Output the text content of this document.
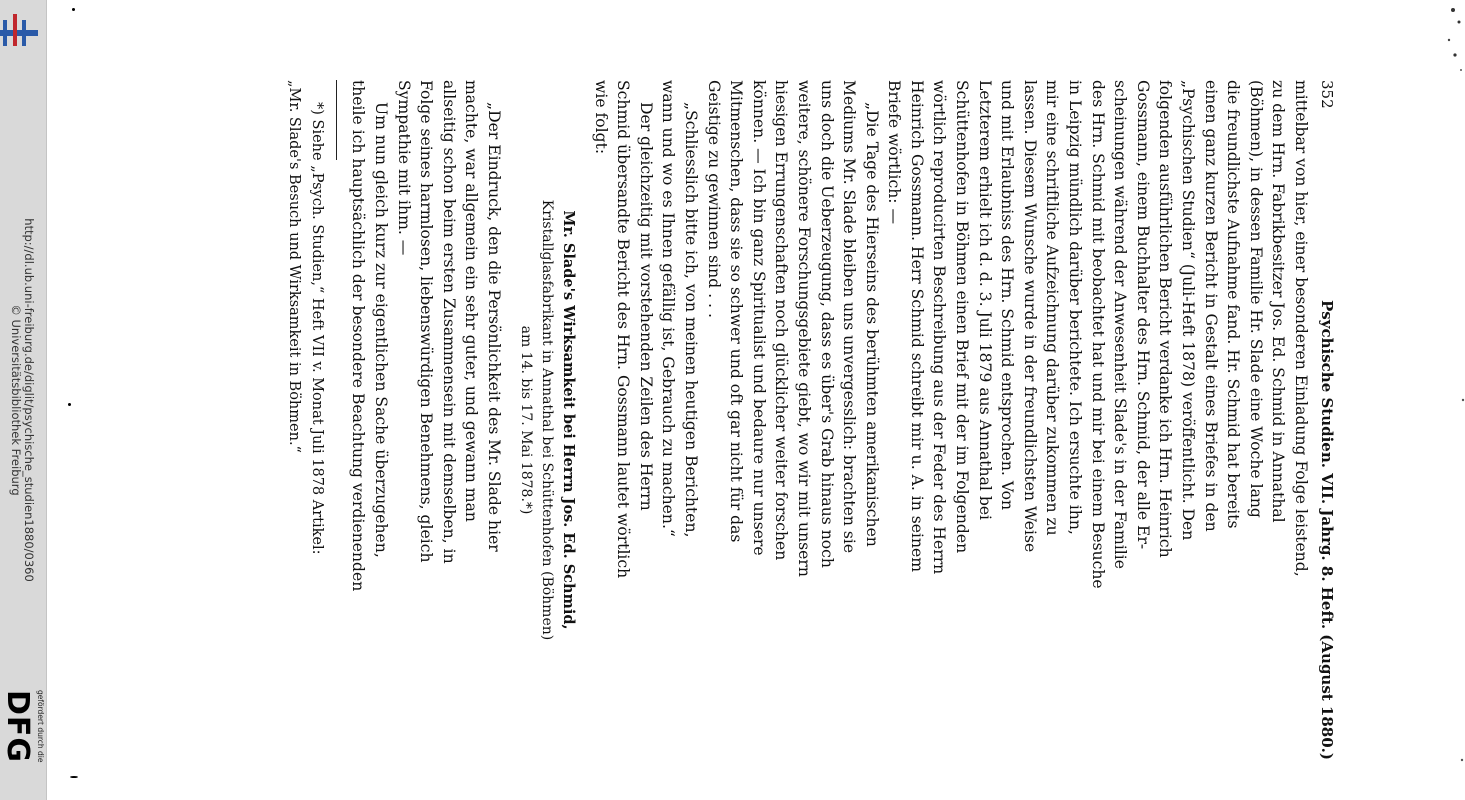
http://dl.ub.uni-freiburg.de/diglit/psychische_studien1880/0360
© Universitätsbibliothek Freiburg
gefördert durch die
DFG
352
Psychische Studien. VII. Jahrg. 8. Heft. (August 1880.)
mittelbar von hier, einer besonderen Einladung Folge leistend,
zu dem Hrn. Fabrikbesitzer Jos. Ed. Schmid in Annathal
(Böhmen), in dessen Familie Hr. Slade eine Woche lang
die freundlichste Aufnahme fand. Hr. Schmid hat bereits
einen ganz kurzen Bericht in Gestalt eines Briefes in den
„Psychischen Studien“ (Juli-Heft 1878) veröffentlicht. Den
folgenden ausführlichen Bericht verdanke ich Hrn. Heinrich
Gossmann, einem Buchhalter des Hrn. Schmid, der alle Er-
scheinungen während der Anwesenheit Slade's in der Familie
des Hrn. Schmid mit beobachtet hat und mir bei einem Besuche
in Leipzig mündlich darüber berichtete. Ich ersuchte ihn,
mir eine schriftliche Aufzeichnung darüber zukommen zu
lassen. Diesem Wunsche wurde in der freundlichsten Weise
und mit Erlaubniss des Hrn. Schmid entsprochen. Von
Letzterem erhielt ich d. d. 3. Juli 1879 aus Annathal bei
Schüttenhofen in Böhmen einen Brief mit der im Folgenden
wörtlich reproducirten Beschreibung aus der Feder des Herrn
Heinrich Gossmann. Herr Schmid schreibt mir u. A. in seinem
Briefe wörtlich: —
„Die Tage des Hierseins des berühmten amerikanischen
Mediums Mr. Slade bleiben uns unvergesslich: brachten sie
uns doch die Ueberzeugung, dass es über's Grab hinaus noch
weitere, schönere Forschungsgebiete giebt, wo wir mit unsern
hiesigen Errungenschaften noch glücklicher weiter forschen
können. — Ich bin ganz Spiritualist und bedaure nur unsere
Mitmenschen, dass sie so schwer und oft gar nicht für das
Geistige zu gewinnen sind . . .
„Schliesslich bitte ich, von meinen heutigen Berichten,
wann und wo es Ihnen gefällig ist, Gebrauch zu machen.“
Der gleichzeitig mit vorstehenden Zeilen des Herrn
Schmid übersandte Bericht des Hrn. Gossmann lautet wörtlich
wie folgt:
Mr. Slade's Wirksamkeit bei Herrn Jos. Ed. Schmid,
Kristallglasfabrikant in Annathal bei Schüttenhofen (Böhmen)
am 14. bis 17. Mai 1878.*)
„Der Eindruck, den die Persönlichkeit des Mr. Slade hier
machte, war allgemein ein sehr guter, und gewann man
allseitig schon beim ersten Zusammensein mit demselben, in
Folge seines harmlosen, liebenswürdigen Benehmens, gleich
Sympathie mit ihm. —
Um nun gleich kurz zur eigentlichen Sache überzugehen,
theile ich hauptsächlich der besondere Beachtung verdienenden
*) Siehe „Psych. Studien,“ Heft VII v. Monat Juli 1878 Artikel:
„Mr. Slade's Besuch und Wirksamkeit in Böhmen.“
